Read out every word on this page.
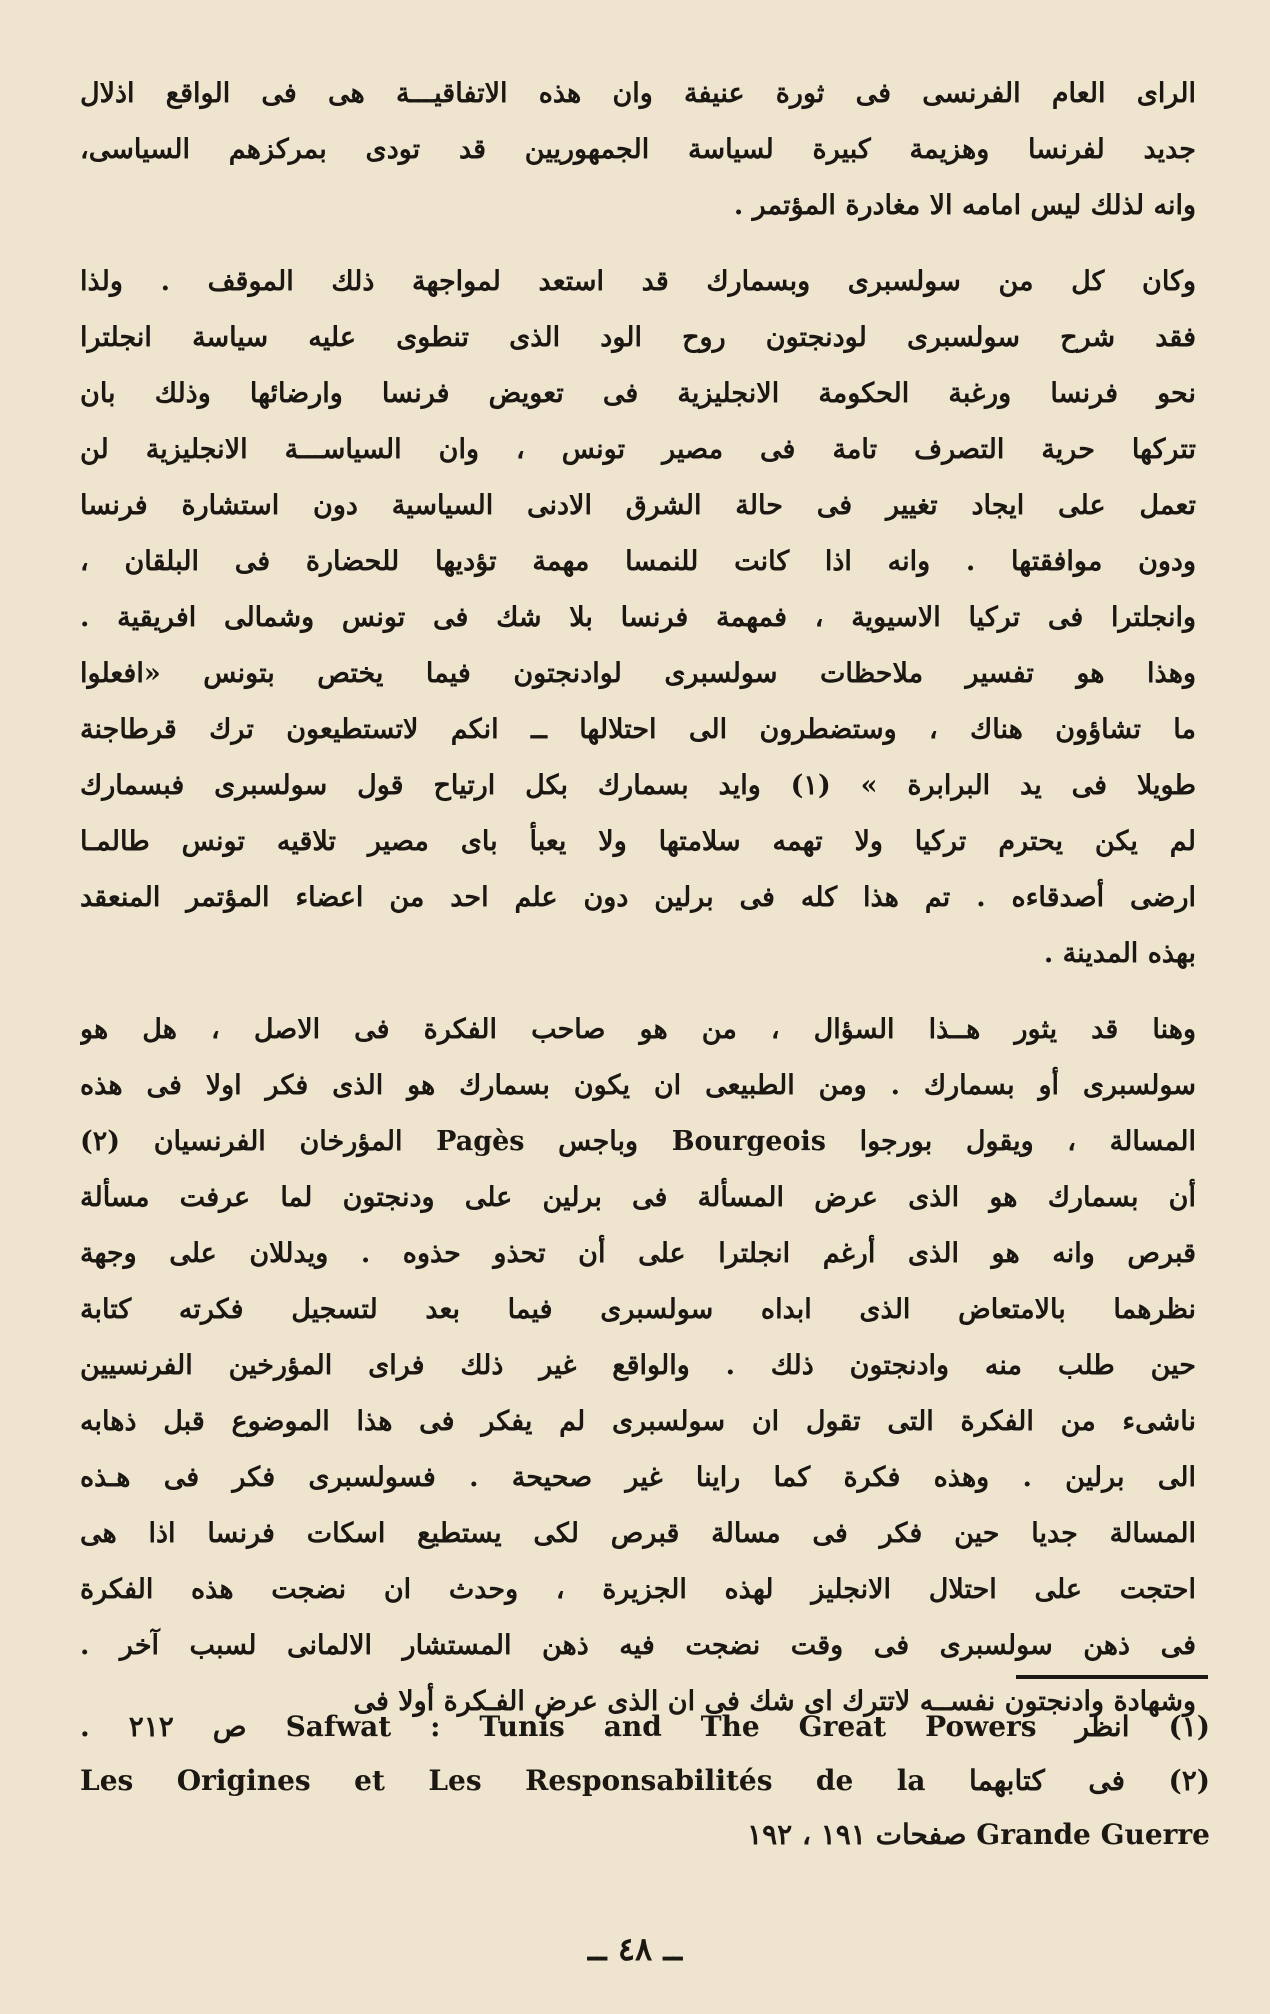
الراى العام الفرنسى فى ثورة عنيفة وان هذه الاتفاقيـــة هى فى الواقع اذلال
جديد لفرنسا وهزيمة كبيرة لسياسة الجمهوريين قد تودى بمركزهم السياسى،
وانه لذلك ليس امامه الا مغادرة المؤتمر .
وكان كل من سولسبرى وبسمارك قد استعد لمواجهة ذلك الموقف . ولذا
فقد شرح سولسبرى لودنجتون روح الود الذى تنطوى عليه سياسة انجلترا
نحو فرنسا ورغبة الحكومة الانجليزية فى تعويض فرنسا وارضائها وذلك بان
تتركها حرية التصرف تامة فى مصير تونس ، وان السياســـة الانجليزية لن
تعمل على ايجاد تغيير فى حالة الشرق الادنى السياسية دون استشارة فرنسا
ودون موافقتها . وانه اذا كانت للنمسا مهمة تؤديها للحضارة فى البلقان ،
وانجلترا فى تركيا الاسيوية ، فمهمة فرنسا بلا شك فى تونس وشمالى افريقية .
وهذا هو تفسير ملاحظات سولسبرى لوادنجتون فيما يختص بتونس «افعلوا
ما تشاؤون هناك ، وستضطرون الى احتلالها ــ انكم لاتستطيعون ترك قرطاجنة
طويلا فى يد البرابرة » (١) وايد بسمارك بكل ارتياح قول سولسبرى فبسمارك
لم يكن يحترم تركيا ولا تهمه سلامتها ولا يعبأ باى مصير تلاقيه تونس طالمـا
ارضى أصدقاءه . تم هذا كله فى برلين دون علم احد من اعضاء المؤتمر المنعقد
بهذه المدينة .
وهنا قد يثور هــذا السؤال ، من هو صاحب الفكرة فى الاصل ، هل هو
سولسبرى أو بسمارك . ومن الطبيعى ان يكون بسمارك هو الذى فكر اولا فى هذه
المسالة ، ويقول بورجوا Bourgeois وباجس Pagès المؤرخان الفرنسيان (٢)
أن بسمارك هو الذى عرض المسألة فى برلين على ودنجتون لما عرفت مسألة
قبرص وانه هو الذى أرغم انجلترا على أن تحذو حذوه . ويدللان على وجهة
نظرهما بالامتعاض الذى ابداه سولسبرى فيما بعد لتسجيل فكرته كتابة
حين طلب منه وادنجتون ذلك . والواقع غير ذلك فراى المؤرخين الفرنسيين
ناشىء من الفكرة التى تقول ان سولسبرى لم يفكر فى هذا الموضوع قبل ذهابه
الى برلين . وهذه فكرة كما راينا غير صحيحة . فسولسبرى فكر فى هـذه
المسالة جديا حين فكر فى مسالة قبرص لكى يستطيع اسكات فرنسا اذا هى
احتجت على احتلال الانجليز لهذه الجزيرة ، وحدث ان نضجت هذه الفكرة
فى ذهن سولسبرى فى وقت نضجت فيه ذهن المستشار الالمانى لسبب آخر .
وشهادة وادنجتون نفســه لاتترك اى شك فى ان الذى عرض الفـكرة أولا فى
(١) انظر Safwat : Tunis and The Great Powers ص ٢١٢ .
(٢) فى كتابهما Les Origines et Les Responsabilités de la
Grande Guerre صفحات ١٩١ ، ١٩٢
ــ ٤٨ ــ
